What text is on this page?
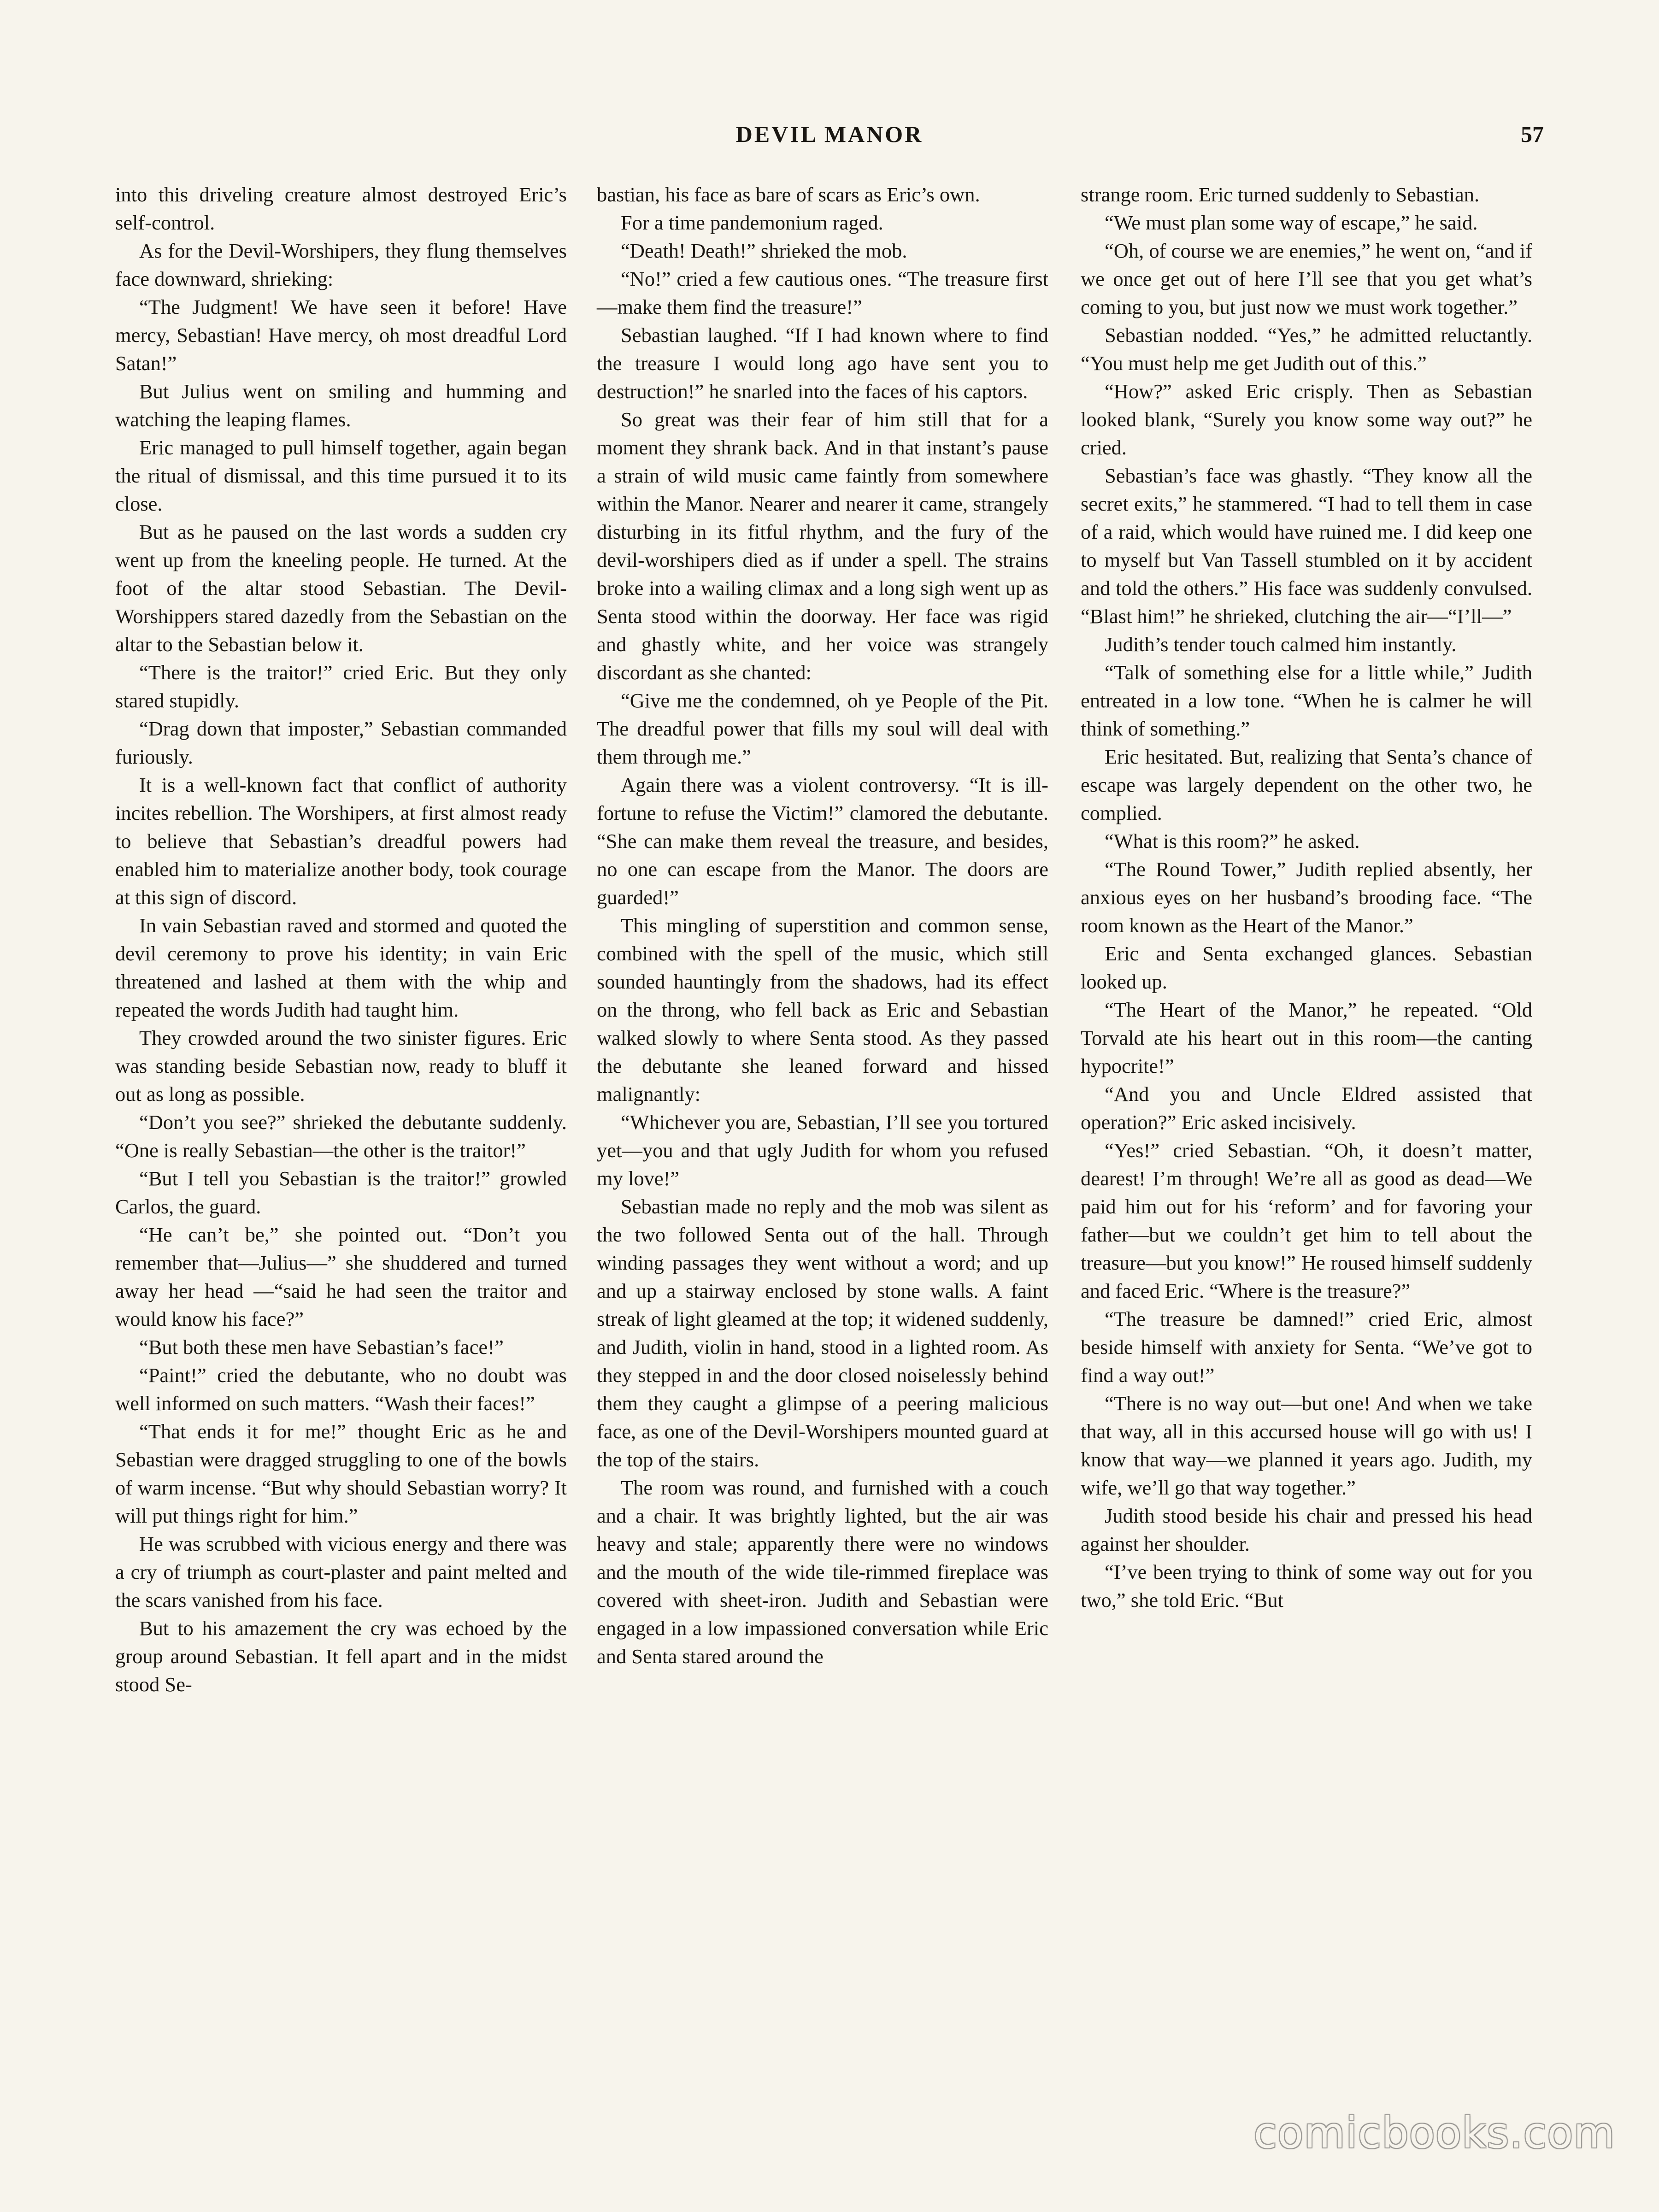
DEVIL MANOR	57

into this driveling creature almost destroyed Eric’s self-control.

As for the Devil-Worshipers, they flung themselves face downward, shrieking:

“The Judgment! We have seen it before! Have mercy, Sebastian! Have mercy, oh most dreadful Lord Satan!”

But Julius went on smiling and humming and watching the leaping flames.

Eric managed to pull himself together, again began the ritual of dismissal, and this time pursued it to its close.

But as he paused on the last words a sudden cry went up from the kneeling people. He turned. At the foot of the altar stood Sebastian. The Devil-Worshippers stared dazedly from the Sebastian on the altar to the Sebastian below it.

“There is the traitor!” cried Eric. But they only stared stupidly.

“Drag down that imposter,” Sebastian commanded furiously.

It is a well-known fact that conflict of authority incites rebellion. The Worshipers, at first almost ready to believe that Sebastian’s dreadful powers had enabled him to materialize another body, took courage at this sign of discord.

In vain Sebastian raved and stormed and quoted the devil ceremony to prove his identity; in vain Eric threatened and lashed at them with the whip and repeated the words Judith had taught him.

They crowded around the two sinister figures. Eric was standing beside Sebastian now, ready to bluff it out as long as possible.

“Don’t you see?” shrieked the debutante suddenly. “One is really Sebastian—the other is the traitor!”

“But I tell you Sebastian is the traitor!” growled Carlos, the guard.

“He can’t be,” she pointed out. “Don’t you remember that—Julius—” she shuddered and turned away her head —“said he had seen the traitor and would know his face?”

“But both these men have Sebastian’s face!”

“Paint!” cried the debutante, who no doubt was well informed on such matters. “Wash their faces!”

“That ends it for me!” thought Eric as he and Sebastian were dragged struggling to one of the bowls of warm incense. “But why should Sebastian worry? It will put things right for him.”

He was scrubbed with vicious energy and there was a cry of triumph as court-plaster and paint melted and the scars vanished from his face.

But to his amazement the cry was echoed by the group around Sebastian. It fell apart and in the midst stood Se-

bastian, his face as bare of scars as Eric’s own.

For a time pandemonium raged.

“Death! Death!” shrieked the mob.

“No!” cried a few cautious ones. “The treasure first—make them find the treasure!”

Sebastian laughed. “If I had known where to find the treasure I would long ago have sent you to destruction!” he snarled into the faces of his captors.

So great was their fear of him still that for a moment they shrank back. And in that instant’s pause a strain of wild music came faintly from somewhere within the Manor. Nearer and nearer it came, strangely disturbing in its fitful rhythm, and the fury of the devil-worshipers died as if under a spell. The strains broke into a wailing climax and a long sigh went up as Senta stood within the doorway. Her face was rigid and ghastly white, and her voice was strangely discordant as she chanted:

“Give me the condemned, oh ye People of the Pit. The dreadful power that fills my soul will deal with them through me.”

Again there was a violent controversy. “It is ill-fortune to refuse the Victim!” clamored the debutante. “She can make them reveal the treasure, and besides, no one can escape from the Manor. The doors are guarded!”

This mingling of superstition and common sense, combined with the spell of the music, which still sounded hauntingly from the shadows, had its effect on the throng, who fell back as Eric and Sebastian walked slowly to where Senta stood. As they passed the debutante she leaned forward and hissed malignantly:

“Whichever you are, Sebastian, I’ll see you tortured yet—you and that ugly Judith for whom you refused my love!”

Sebastian made no reply and the mob was silent as the two followed Senta out of the hall. Through winding passages they went without a word; and up and up a stairway enclosed by stone walls. A faint streak of light gleamed at the top; it widened suddenly, and Judith, violin in hand, stood in a lighted room. As they stepped in and the door closed noiselessly behind them they caught a glimpse of a peering malicious face, as one of the Devil-Worshipers mounted guard at the top of the stairs.

The room was round, and furnished with a couch and a chair. It was brightly lighted, but the air was heavy and stale; apparently there were no windows and the mouth of the wide tile-rimmed fireplace was covered with sheet-iron. Judith and Sebastian were engaged in a low impassioned conversation while Eric and Senta stared around the

strange room. Eric turned suddenly to Sebastian.

“We must plan some way of escape,” he said.

“Oh, of course we are enemies,” he went on, “and if we once get out of here I’ll see that you get what’s coming to you, but just now we must work together.”

Sebastian nodded. “Yes,” he admitted reluctantly. “You must help me get Judith out of this.”

“How?” asked Eric crisply. Then as Sebastian looked blank, “Surely you know some way out?” he cried.

Sebastian’s face was ghastly. “They know all the secret exits,” he stammered. “I had to tell them in case of a raid, which would have ruined me. I did keep one to myself but Van Tassell stumbled on it by accident and told the others.” His face was suddenly convulsed. “Blast him!” he shrieked, clutching the air—“I’ll—”

Judith’s tender touch calmed him instantly.

“Talk of something else for a little while,” Judith entreated in a low tone. “When he is calmer he will think of something.”

Eric hesitated. But, realizing that Senta’s chance of escape was largely dependent on the other two, he complied.

“What is this room?” he asked.

“The Round Tower,” Judith replied absently, her anxious eyes on her husband’s brooding face. “The room known as the Heart of the Manor.”

Eric and Senta exchanged glances. Sebastian looked up.

“The Heart of the Manor,” he repeated. “Old Torvald ate his heart out in this room—the canting hypocrite!”

“And you and Uncle Eldred assisted that operation?” Eric asked incisively.

“Yes!” cried Sebastian. “Oh, it doesn’t matter, dearest! I’m through! We’re all as good as dead—We paid him out for his ‘reform’ and for favoring your father—but we couldn’t get him to tell about the treasure—but you know!” He roused himself suddenly and faced Eric. “Where is the treasure?”

“The treasure be damned!” cried Eric, almost beside himself with anxiety for Senta. “We’ve got to find a way out!”

“There is no way out—but one! And when we take that way, all in this accursed house will go with us! I know that way—we planned it years ago. Judith, my wife, we’ll go that way together.”

Judith stood beside his chair and pressed his head against her shoulder.

“I’ve been trying to think of some way out for you two,” she told Eric. “But

comicbooks.com
